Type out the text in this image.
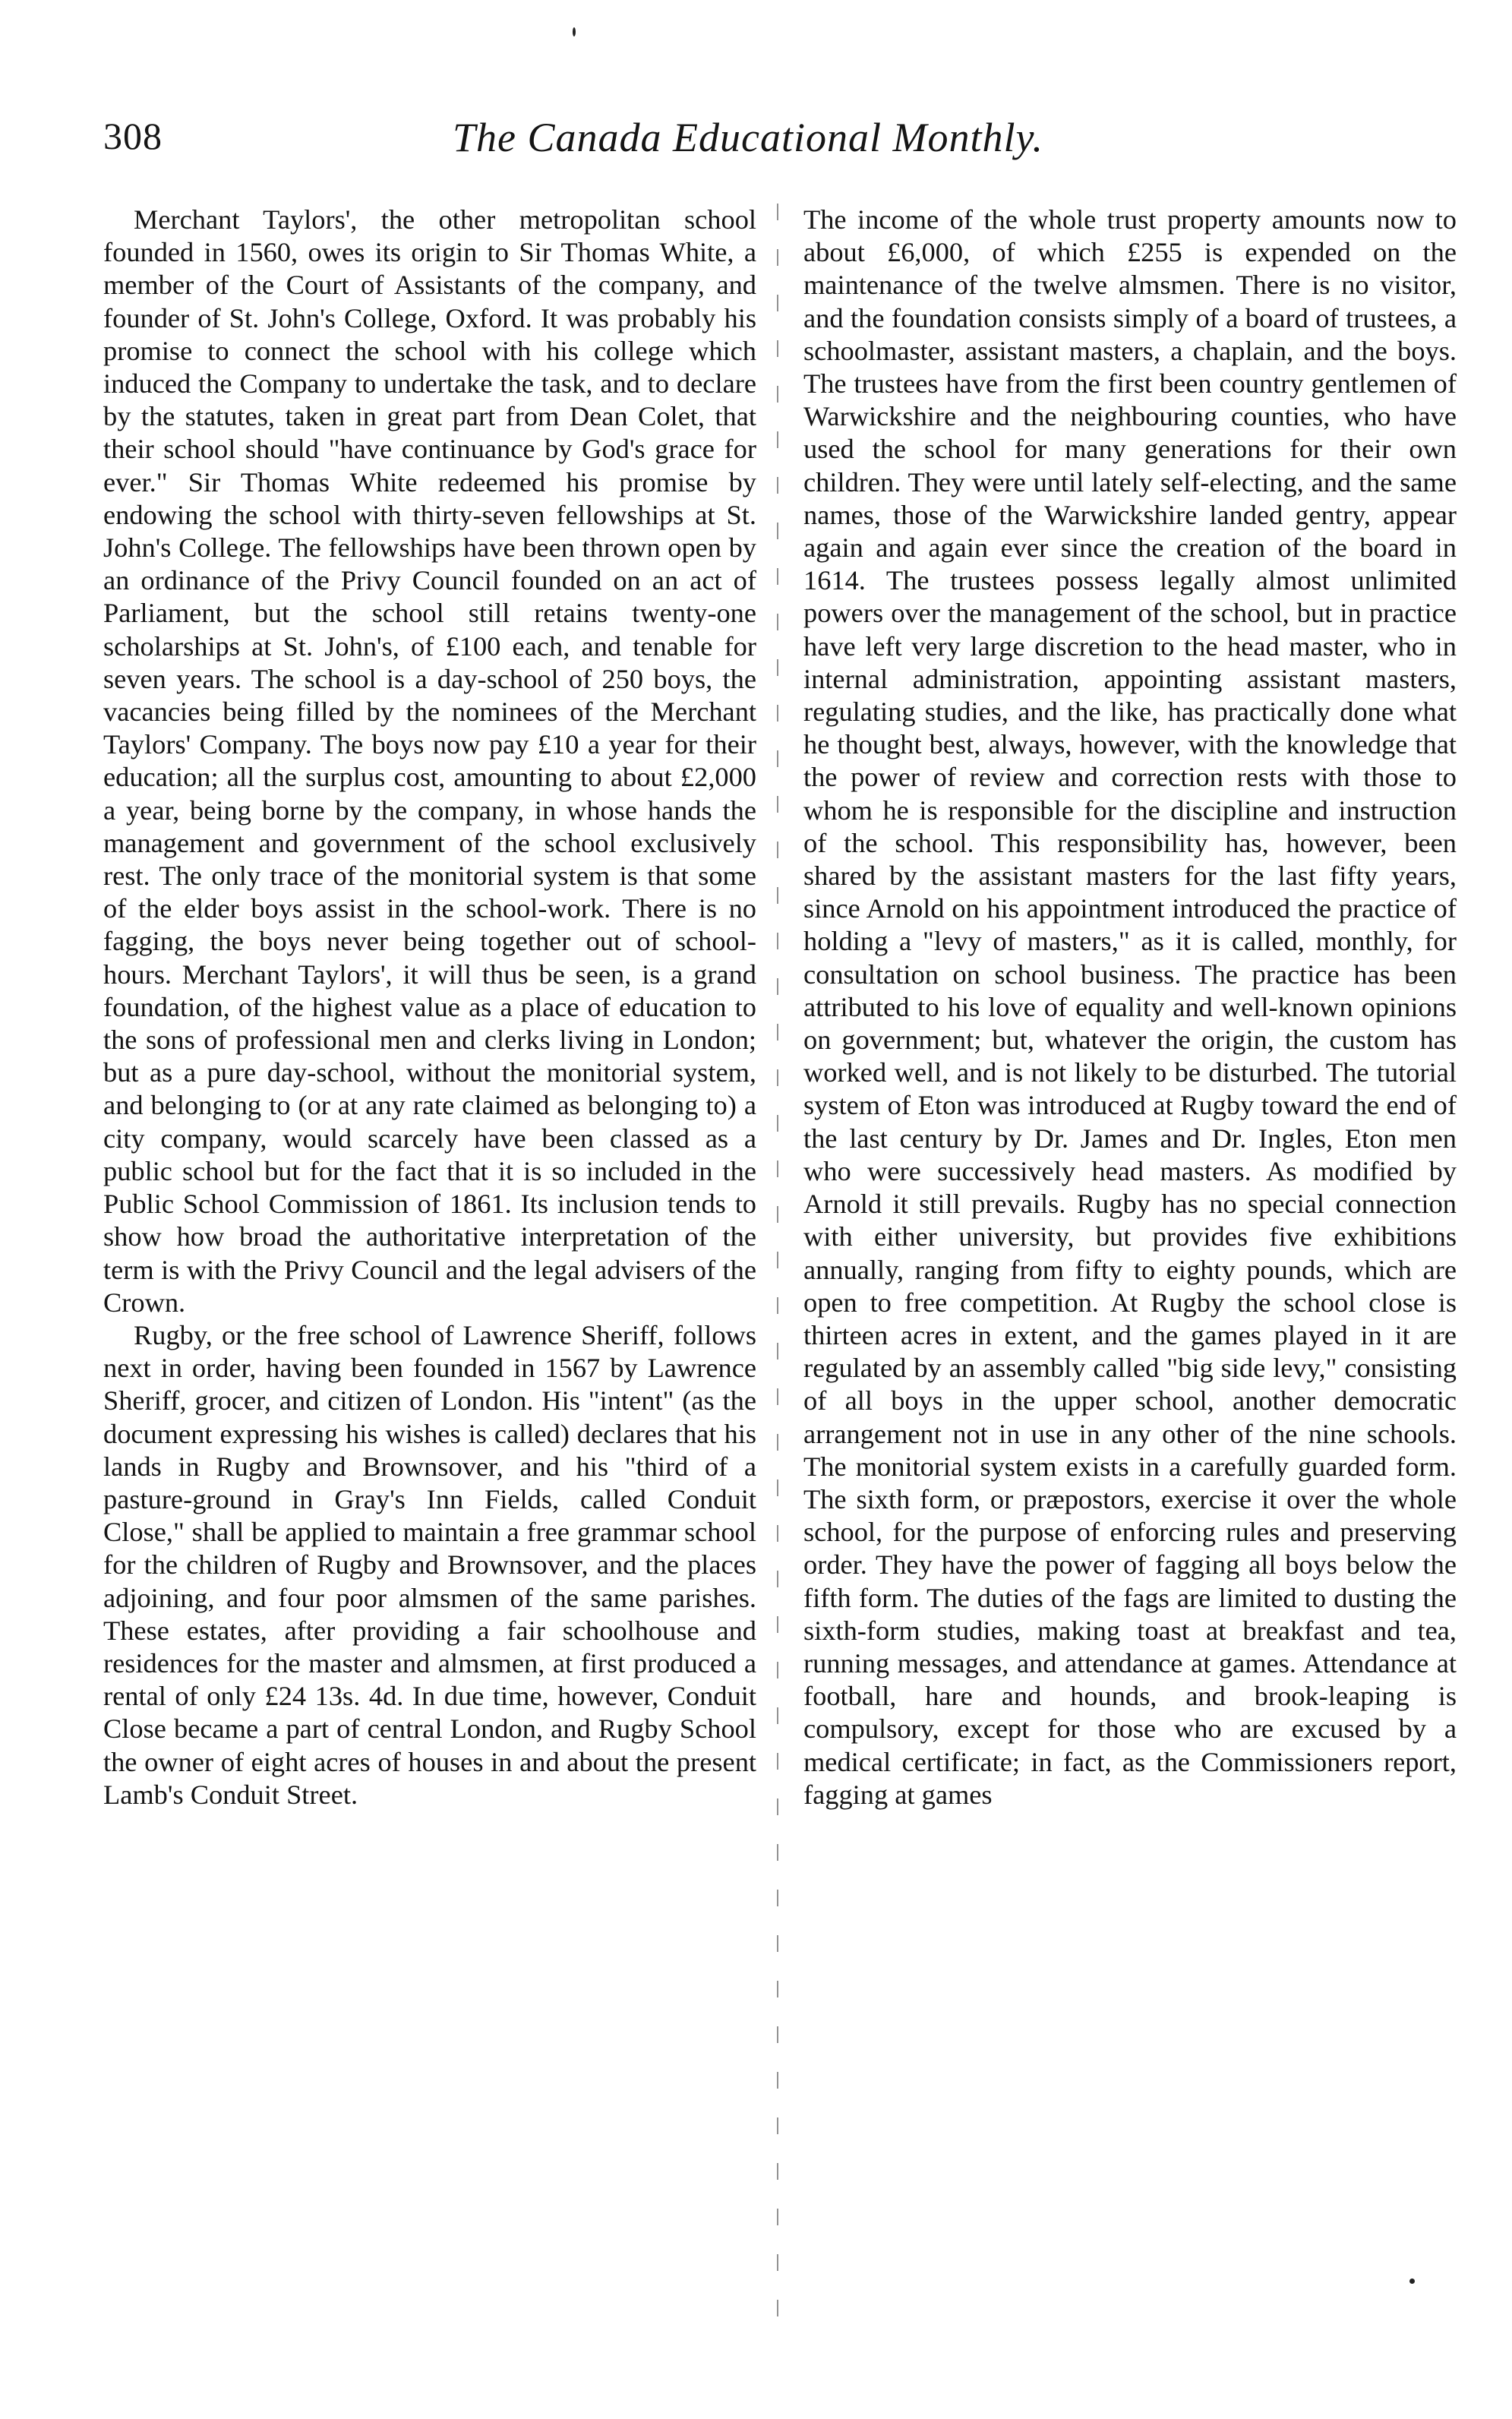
308	The Canada Educational Monthly.

Merchant Taylors', the other metropolitan school founded in 1560, owes its origin to Sir Thomas White, a member of the Court of Assistants of the company, and founder of St. John's College, Oxford. It was probably his promise to connect the school with his college which induced the Company to undertake the task, and to declare by the statutes, taken in great part from Dean Colet, that their school should "have continuance by God's grace for ever." Sir Thomas White redeemed his promise by endowing the school with thirty-seven fellowships at St. John's College. The fellowships have been thrown open by an ordinance of the Privy Council founded on an act of Parliament, but the school still retains twenty-one scholarships at St. John's, of £100 each, and tenable for seven years. The school is a day-school of 250 boys, the vacancies being filled by the nominees of the Merchant Taylors' Company. The boys now pay £10 a year for their education; all the surplus cost, amounting to about £2,000 a year, being borne by the company, in whose hands the management and government of the school exclusively rest. The only trace of the monitorial system is that some of the elder boys assist in the school-work. There is no fagging, the boys never being together out of school-hours. Merchant Taylors', it will thus be seen, is a grand foundation, of the highest value as a place of education to the sons of professional men and clerks living in London; but as a pure day-school, without the monitorial system, and belonging to (or at any rate claimed as belonging to) a city company, would scarcely have been classed as a public school but for the fact that it is so included in the Public School Commission of 1861. Its inclusion tends to show how broad the authoritative interpretation of the term is with the Privy Council and the legal advisers of the Crown.

Rugby, or the free school of Lawrence Sheriff, follows next in order, having been founded in 1567 by Lawrence Sheriff, grocer, and citizen of London. His "intent" (as the document expressing his wishes is called) declares that his lands in Rugby and Brownsover, and his "third of a pasture-ground in Gray's Inn Fields, called Conduit Close," shall be applied to maintain a free grammar school for the children of Rugby and Brownsover, and the places adjoining, and four poor almsmen of the same parishes. These estates, after providing a fair schoolhouse and residences for the master and almsmen, at first produced a rental of only £24 13s. 4d. In due time, however, Conduit Close became a part of central London, and Rugby School the owner of eight acres of houses in and about the present Lamb's Conduit Street.

The income of the whole trust property amounts now to about £6,000, of which £255 is expended on the maintenance of the twelve almsmen. There is no visitor, and the foundation consists simply of a board of trustees, a schoolmaster, assistant masters, a chaplain, and the boys. The trustees have from the first been country gentlemen of Warwickshire and the neighbouring counties, who have used the school for many generations for their own children. They were until lately self-electing, and the same names, those of the Warwickshire landed gentry, appear again and again ever since the creation of the board in 1614. The trustees possess legally almost unlimited powers over the management of the school, but in practice have left very large discretion to the head master, who in internal administration, appointing assistant masters, regulating studies, and the like, has practically done what he thought best, always, however, with the knowledge that the power of review and correction rests with those to whom he is responsible for the discipline and instruction of the school. This responsibility has, however, been shared by the assistant masters for the last fifty years, since Arnold on his appointment introduced the practice of holding a "levy of masters," as it is called, monthly, for consultation on school business. The practice has been attributed to his love of equality and well-known opinions on government; but, whatever the origin, the custom has worked well, and is not likely to be disturbed. The tutorial system of Eton was introduced at Rugby toward the end of the last century by Dr. James and Dr. Ingles, Eton men who were successively head masters. As modified by Arnold it still prevails. Rugby has no special connection with either university, but provides five exhibitions annually, ranging from fifty to eighty pounds, which are open to free competition. At Rugby the school close is thirteen acres in extent, and the games played in it are regulated by an assembly called "big side levy," consisting of all boys in the upper school, another democratic arrangement not in use in any other of the nine schools. The monitorial system exists in a carefully guarded form. The sixth form, or præpostors, exercise it over the whole school, for the purpose of enforcing rules and preserving order. They have the power of fagging all boys below the fifth form. The duties of the fags are limited to dusting the sixth-form studies, making toast at breakfast and tea, running messages, and attendance at games. Attendance at football, hare and hounds, and brook-leaping is compulsory, except for those who are excused by a medical certificate; in fact, as the Commissioners report, fagging at games
